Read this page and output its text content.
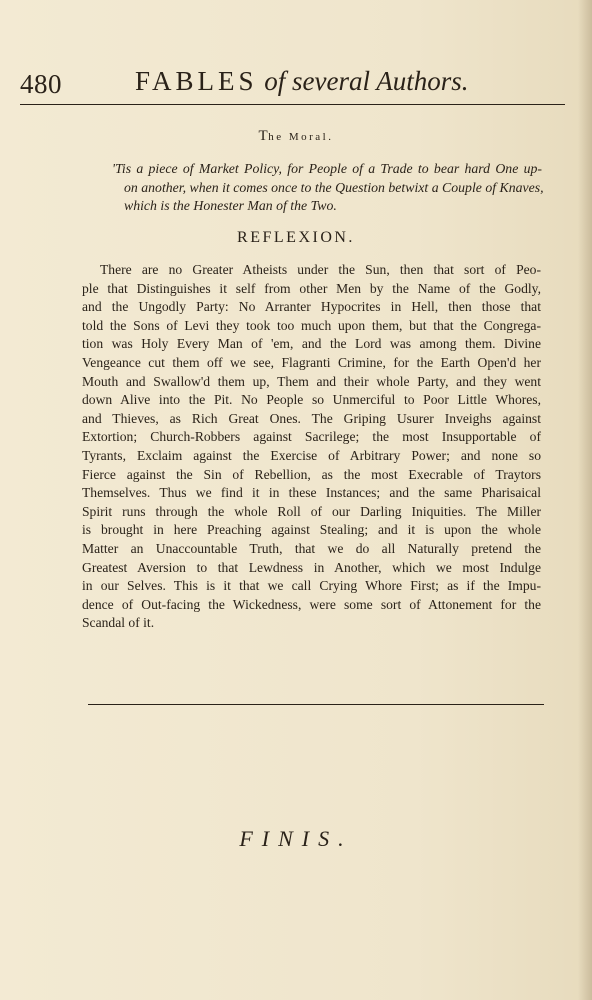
480	FABLES of several Authors.
The Moral.
'Tis a piece of Market Policy, for People of a Trade to bear hard One up-
on another, when it comes once to the Question betwixt a Couple of Knaves,
which is the Honester Man of the Two.
REFLEXION.
There are no Greater Atheists under the Sun, then that sort of Peo-
ple that Distinguishes it self from other Men by the Name of the Godly,
and the Ungodly Party: No Arranter Hypocrites in Hell, then those that
told the Sons of Levi they took too much upon them, but that the Congrega-
tion was Holy Every Man of 'em, and the Lord was among them. Divine
Vengeance cut them off we see, Flagranti Crimine, for the Earth Open'd her
Mouth and Swallow'd them up, Them and their whole Party, and they went
down Alive into the Pit. No People so Unmerciful to Poor Little Whores,
and Thieves, as Rich Great Ones. The Griping Usurer Inveighs against
Extortion; Church-Robbers against Sacrilege; the most Insupportable of
Tyrants, Exclaim against the Exercise of Arbitrary Power; and none so
Fierce against the Sin of Rebellion, as the most Execrable of Traytors
Themselves. Thus we find it in these Instances; and the same Pharisaical
Spirit runs through the whole Roll of our Darling Iniquities. The Miller
is brought in here Preaching against Stealing; and it is upon the whole
Matter an Unaccountable Truth, that we do all Naturally pretend the
Greatest Aversion to that Lewdness in Another, which we most Indulge
in our Selves. This is it that we call Crying Whore First; as if the Impu-
dence of Out-facing the Wickedness, were some sort of Attonement for the
Scandal of it.
FINIS.
